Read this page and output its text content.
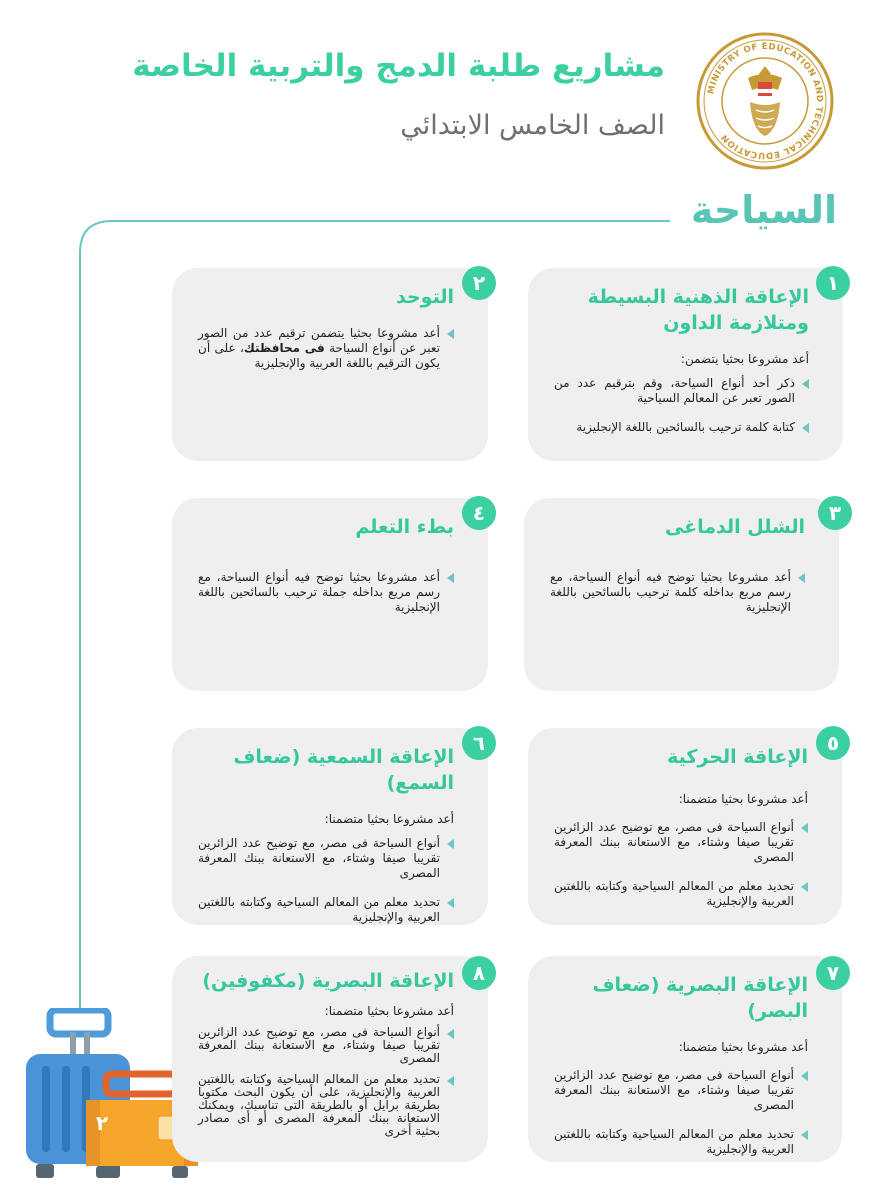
مشاريع طلبة الدمج والتربية الخاصة
الصف الخامس الابتدائي
MINISTRY OF EDUCATION AND TECHNICAL EDUCATION
السياحة
٢
الإعاقة الذهنية البسيطة ومتلازمة الداون
أعد مشروعا بحثيا يتضمن:
ذكر أحد أنواع السياحة، وقم بترقيم عدد من الصور تعبر عن المعالم السياحية
كتابة كلمة ترحيب بالسائحين باللغة الإنجليزية
١
التوحد
أعد مشروعا بحثيا يتضمن ترقيم عدد من الصور تعبر عن أنواع السياحة فى محافظتك، على أن يكون الترقيم باللغة العربية والإنجليزية
٢
الشلل الدماغى
أعد مشروعا بحثيا توضح فيه أنواع السياحة، مع رسم مربع بداخله كلمة ترحيب بالسائحين باللغة الإنجليزية
٣
بطء التعلم
أعد مشروعا بحثيا توضح فيه أنواع السياحة، مع رسم مربع بداخله جملة ترحيب بالسائحين باللغة الإنجليزية
٤
الإعاقة الحركية
أعد مشروعا بحثيا متضمنا:
أنواع السياحة فى مصر، مع توضيح عدد الزائرين تقريبا صيفا وشتاء، مع الاستعانة ببنك المعرفة المصرى
تحديد معلم من المعالم السياحية وكتابته باللغتين العربية والإنجليزية
٥
الإعاقة السمعية (ضعاف السمع)
أعد مشروعا بحثيا متضمنا:
أنواع السياحة فى مصر، مع توضيح عدد الزائرين تقريبا صيفا وشتاء، مع الاستعانة ببنك المعرفة المصرى
تحديد معلم من المعالم السياحية وكتابته باللغتين العربية والإنجليزية
٦
الإعاقة البصرية (ضعاف البصر)
أعد مشروعا بحثيا متضمنا:
أنواع السياحة فى مصر، مع توضيح عدد الزائرين تقريبا صيفا وشتاء، مع الاستعانة ببنك المعرفة المصرى
تحديد معلم من المعالم السياحية وكتابته باللغتين العربية والإنجليزية
٧
الإعاقة البصرية (مكفوفين)
أعد مشروعا بحثيا متضمنا:
أنواع السياحة فى مصر، مع توضيح عدد الزائرين تقريبا صيفا وشتاء، مع الاستعانة ببنك المعرفة المصرى
تحديد معلم من المعالم السياحية وكتابته باللغتين العربية والإنجليزية، على أن يكون البحث مكتوبا بطريقة برايل أو بالطريقة التى تناسبك، ويمكنك الاستعانة ببنك المعرفة المصرى أو أى مصادر بحثية أخرى
٨
